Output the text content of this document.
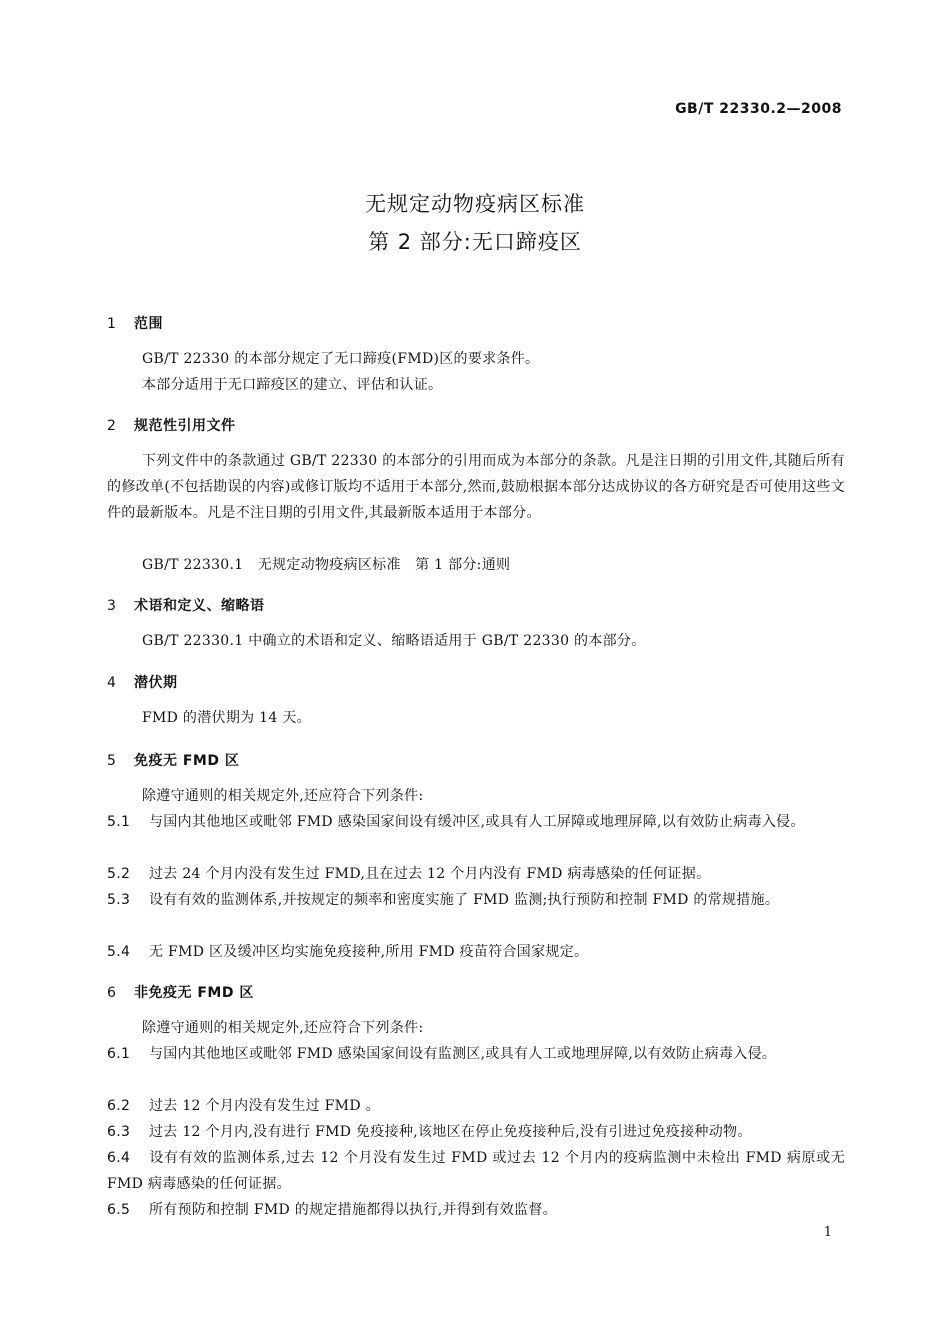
GB/T 22330.2—2008
无规定动物疫病区标准
第 2 部分:无口蹄疫区
1 范围
GB/T 22330 的本部分规定了无口蹄疫(FMD)区的要求条件。
本部分适用于无口蹄疫区的建立、评估和认证。
2 规范性引用文件
下列文件中的条款通过 GB/T 22330 的本部分的引用而成为本部分的条款。凡是注日期的引用文件,其随后所有的修改单(不包括勘误的内容)或修订版均不适用于本部分,然而,鼓励根据本部分达成协议的各方研究是否可使用这些文件的最新版本。凡是不注日期的引用文件,其最新版本适用于本部分。
GB/T 22330.1　无规定动物疫病区标准　第 1 部分:通则
3 术语和定义、缩略语
GB/T 22330.1 中确立的术语和定义、缩略语适用于 GB/T 22330 的本部分。
4 潜伏期
FMD 的潜伏期为 14 天。
5 免疫无 FMD 区
除遵守通则的相关规定外,还应符合下列条件:
5.1 与国内其他地区或毗邻 FMD 感染国家间设有缓冲区,或具有人工屏障或地理屏障,以有效防止病毒入侵。
5.2 过去 24 个月内没有发生过 FMD,且在过去 12 个月内没有 FMD 病毒感染的任何证据。
5.3 设有有效的监测体系,并按规定的频率和密度实施了 FMD 监测;执行预防和控制 FMD 的常规措施。
5.4 无 FMD 区及缓冲区均实施免疫接种,所用 FMD 疫苗符合国家规定。
6 非免疫无 FMD 区
除遵守通则的相关规定外,还应符合下列条件:
6.1 与国内其他地区或毗邻 FMD 感染国家间设有监测区,或具有人工或地理屏障,以有效防止病毒入侵。
6.2 过去 12 个月内没有发生过 FMD 。
6.3 过去 12 个月内,没有进行 FMD 免疫接种,该地区在停止免疫接种后,没有引进过免疫接种动物。
6.4 设有有效的监测体系,过去 12 个月没有发生过 FMD 或过去 12 个月内的疫病监测中未检出 FMD 病原或无 FMD 病毒感染的任何证据。
6.5 所有预防和控制 FMD 的规定措施都得以执行,并得到有效监督。
1
